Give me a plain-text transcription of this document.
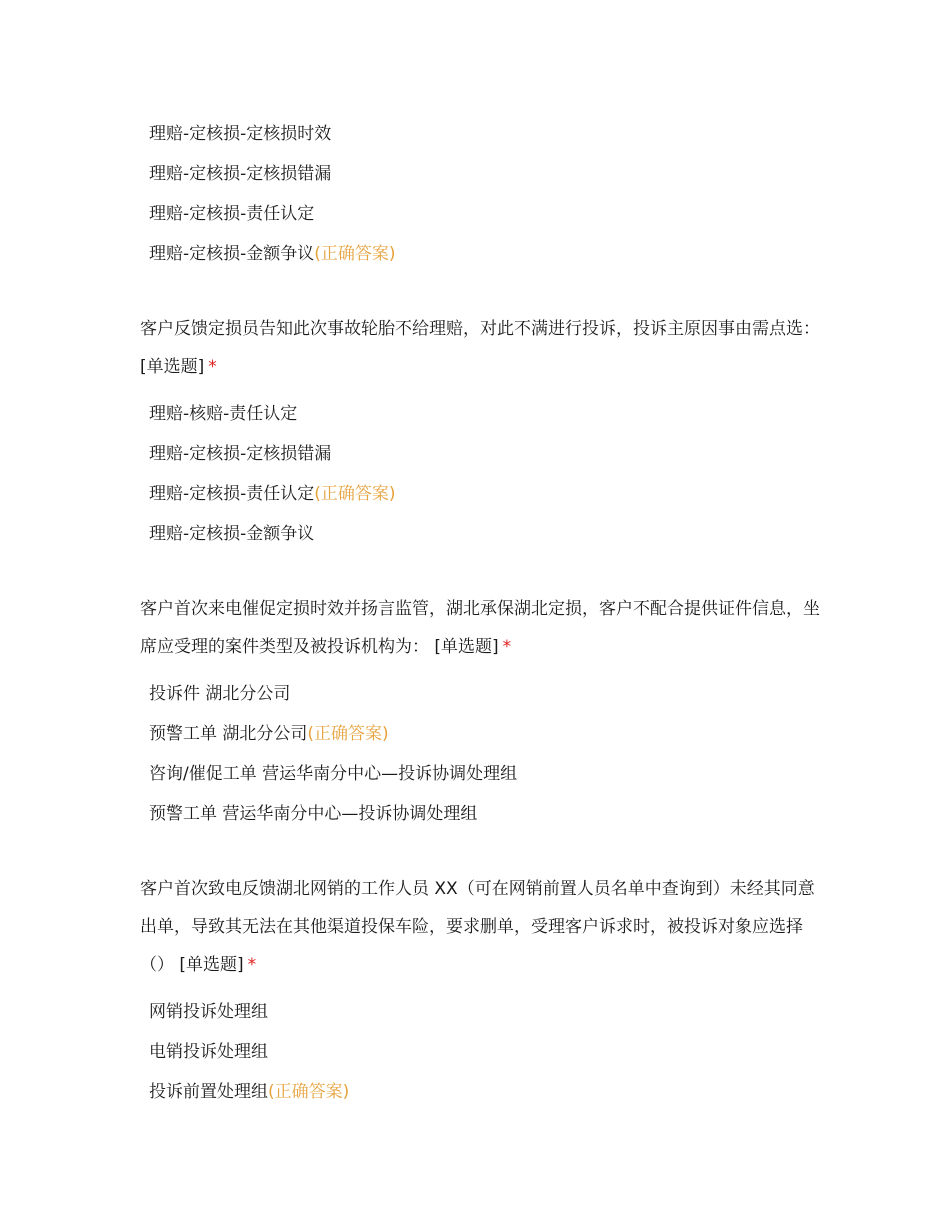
理赔-定核损-定核损时效
理赔-定核损-定核损错漏
理赔-定核损-责任认定
理赔-定核损-金额争议(正确答案)
客户反馈定损员告知此次事故轮胎不给理赔，对此不满进行投诉，投诉主原因事由需点选： [单选题] *
理赔-核赔-责任认定
理赔-定核损-定核损错漏
理赔-定核损-责任认定(正确答案)
理赔-定核损-金额争议
客户首次来电催促定损时效并扬言监管，湖北承保湖北定损，客户不配合提供证件信息，坐席应受理的案件类型及被投诉机构为： [单选题] *
投诉件 湖北分公司
预警工单 湖北分公司(正确答案)
咨询/催促工单 营运华南分中心—投诉协调处理组
预警工单 营运华南分中心—投诉协调处理组
客户首次致电反馈湖北网销的工作人员 XX（可在网销前置人员名单中查询到）未经其同意出单，导致其无法在其他渠道投保车险，要求删单，受理客户诉求时，被投诉对象应选择（） [单选题] *
网销投诉处理组
电销投诉处理组
投诉前置处理组(正确答案)
